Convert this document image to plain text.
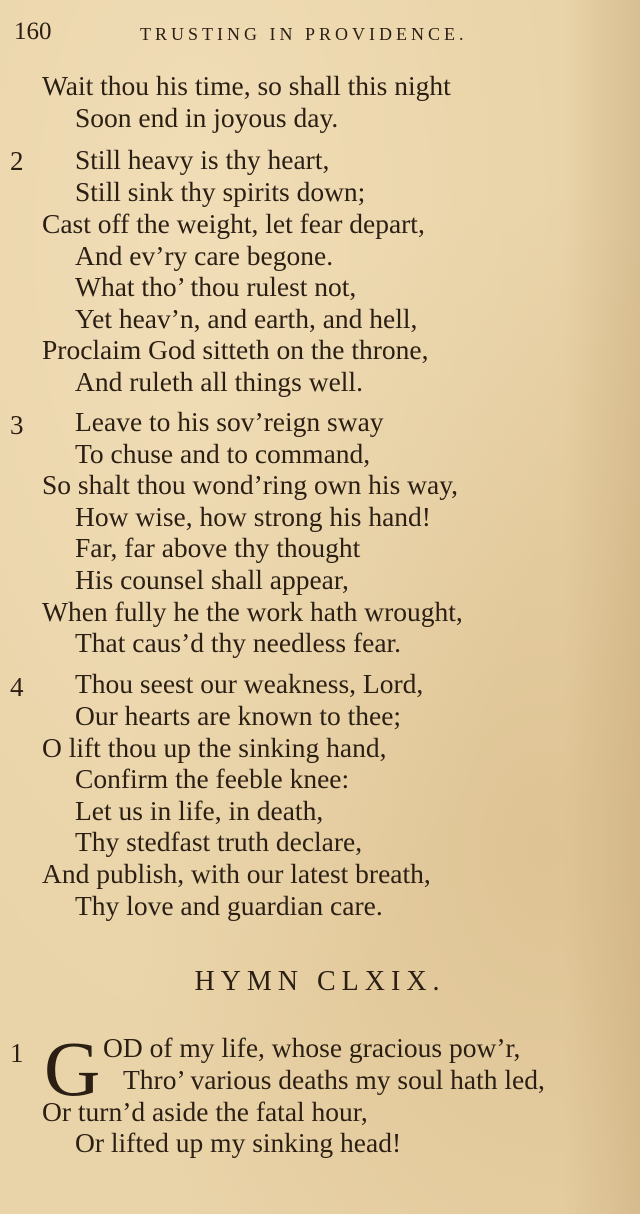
160	TRUSTING IN PROVIDENCE.
Wait thou his time, so shall this night
Soon end in joyous day.
2 Still heavy is thy heart,
Still sink thy spirits down;
Cast off the weight, let fear depart,
And ev’ry care begone.
What tho’ thou rulest not,
Yet heav’n, and earth, and hell,
Proclaim God sitteth on the throne,
And ruleth all things well.
3 Leave to his sov’reign sway
To chuse and to command,
So shalt thou wond’ring own his way,
How wise, how strong his hand!
Far, far above thy thought
His counsel shall appear,
When fully he the work hath wrought,
That caus’d thy needless fear.
4 Thou seest our weakness, Lord,
Our hearts are known to thee;
O lift thou up the sinking hand,
Confirm the feeble knee:
Let us in life, in death,
Thy stedfast truth declare,
And publish, with our latest breath,
Thy love and guardian care.
HYMN CLXIX.
1 G OD of my life, whose gracious pow’r,
Thro’ various deaths my soul hath led,
Or turn’d aside the fatal hour,
Or lifted up my sinking head!
